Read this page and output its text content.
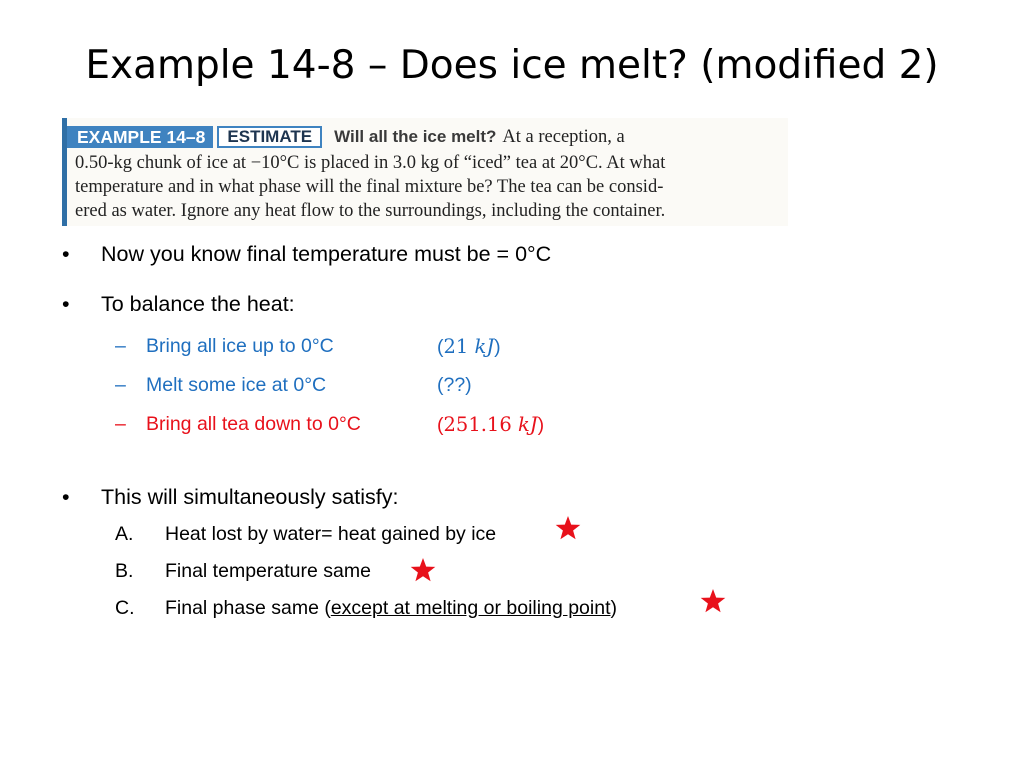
Example 14-8 – Does ice melt? (modified 2)
EXAMPLE 14–8 ESTIMATE Will all the ice melt? At a reception, a
0.50-kg chunk of ice at −10°C is placed in 3.0 kg of “iced” tea at 20°C. At what
temperature and in what phase will the final mixture be? The tea can be consid-
ered as water. Ignore any heat flow to the surroundings, including the container.
• Now you know final temperature must be = 0°C
• To balance the heat:
– Bring all ice up to 0°C	(21 kJ)
– Melt some ice at 0°C	(??)
– Bring all tea down to 0°C	(251.16 kJ)
• This will simultaneously satisfy:
A. Heat lost by water= heat gained by ice
B. Final temperature same
C. Final phase same (except at melting or boiling point)
